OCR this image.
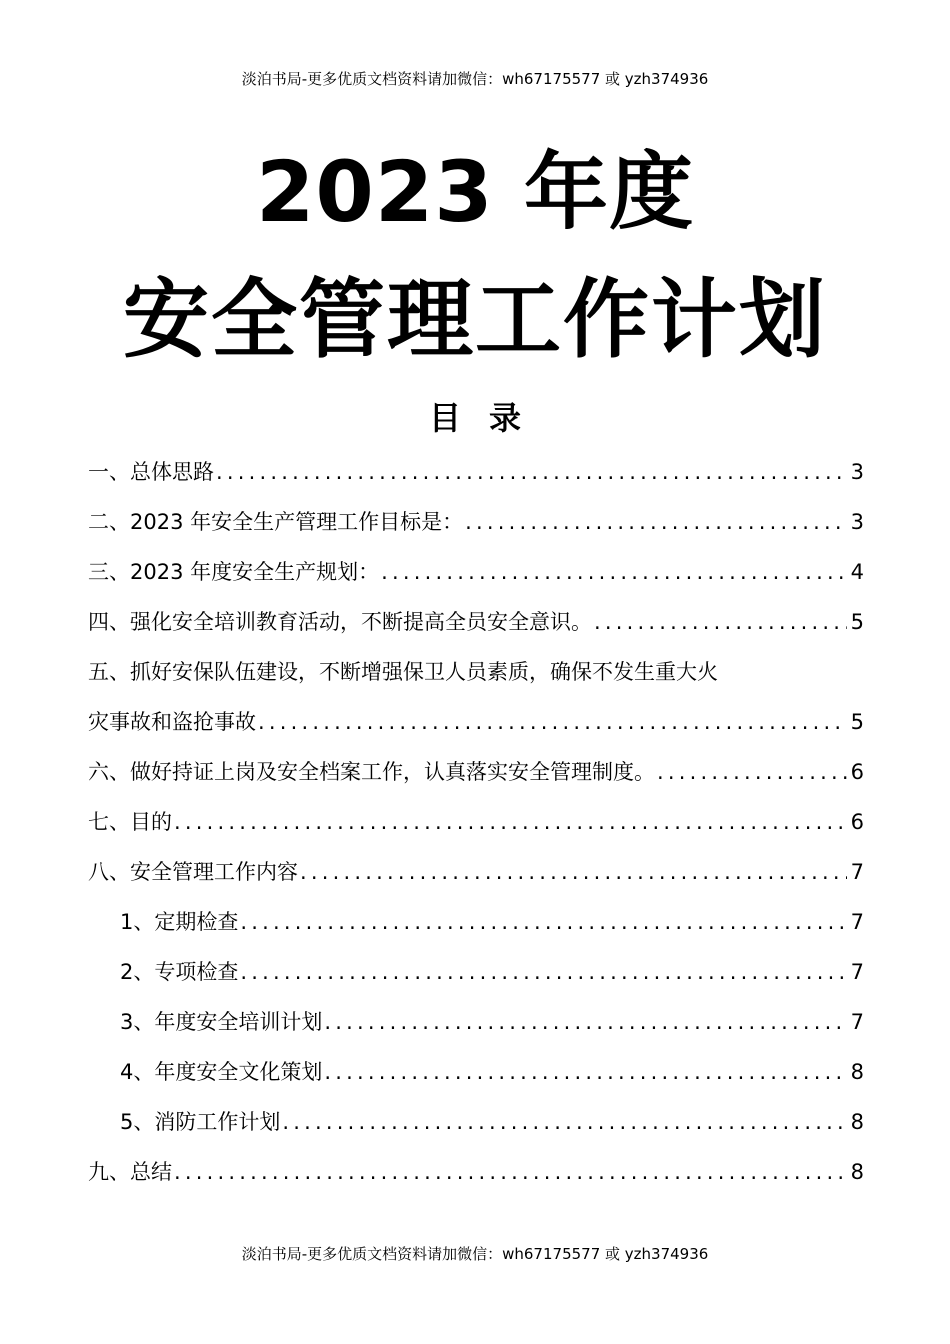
淡泊书局-更多优质文档资料请加微信：wh67175577 或 yzh374936
2023 年度
安全管理工作计划
目录
一、总体思路 .....	3
二、2023 年安全生产管理工作目标是： .....	3
三、2023 年度安全生产规划： .....	4
四、强化安全培训教育活动，不断提高全员安全意识。 .....	5
五、抓好安保队伍建设，不断增强保卫人员素质，确保不发生重大火
灾事故和盗抢事故 .....	5
六、做好持证上岗及安全档案工作，认真落实安全管理制度。 .....	6
七、目的 .....	6
八、安全管理工作内容 .....	7
1、定期检查 .....	7
2、专项检查 .....	7
3、年度安全培训计划 .....	7
4、年度安全文化策划 .....	8
5、消防工作计划 .....	8
九、总结 .....	8
淡泊书局-更多优质文档资料请加微信：wh67175577 或 yzh374936
